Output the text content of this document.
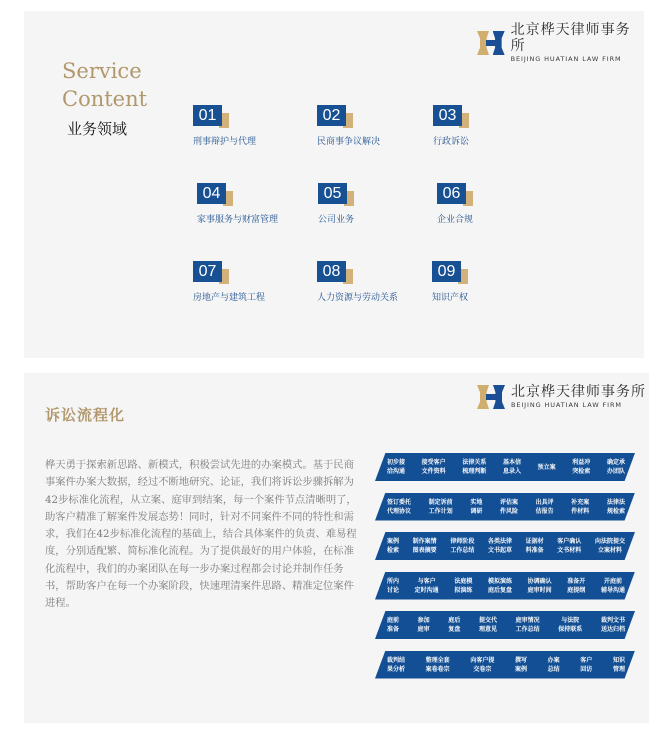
北京桦天律师事务所
BEIJING HUATIAN LAW FIRM
Service
Content
业务领域
01
刑事辩护与代理
02
民商事争议解决
03
行政诉讼
04
家事服务与财富管理
05
公司业务
06
企业合规
07
房地产与建筑工程
08
人力资源与劳动关系
09
知识产权
北京桦天律师事务所
BEIJING HUATIAN LAW FIRM
诉讼流程化
桦天勇于探索新思路、新模式，积极尝试先进的办案模式。基于民商事案件办案大数据，经过不断地研究、论证，我们将诉讼步骤拆解为42步标准化流程，从立案、庭审到结案，每一个案件节点清晰明了，助客户精准了解案件发展态势！同时，针对不同案件不同的特性和需求，我们在42步标准化流程的基础上，结合具体案件的负责、难易程度，分别适配繁、简标准化流程。为了提供最好的用户体验，在标准化流程中，我们的办案团队在每一步办案过程都会讨论并制作任务书，帮助客户在每一个办案阶段，快速理清案件思路、精准定位案件进程。
初步接
洽沟通
接受客户
文件资料
法律关系
梳理判断
基本信
息录入
预立案
利益冲
突检索
确定承
办团队
签订委托
代理协议
制定诉前
工作计划
实地
调研
评估案
件风险
出具评
估报告
补充案
件材料
法律法
规检索
案例
检索
制作案情
图表摘要
律师阶段
工作总结
各类法律
文书起草
证据材
料准备
客户确认
文书材料
向法院提交
立案材料
所内
讨论
与客户
定时沟通
法庭模
拟演练
模拟演练
庭后复盘
协调确认
庭审时间
准备开
庭提纲
开庭前
辅导沟通
庭前
准备
参加
庭审
庭后
复盘
提交代
理意见
庭审情况
工作总结
与法院
保持联系
裁判文书
送达归档
裁判结
果分析
整理全套
案卷卷宗
向客户提
交卷宗
撰写
案例
办案
总结
客户
回访
知识
管理
